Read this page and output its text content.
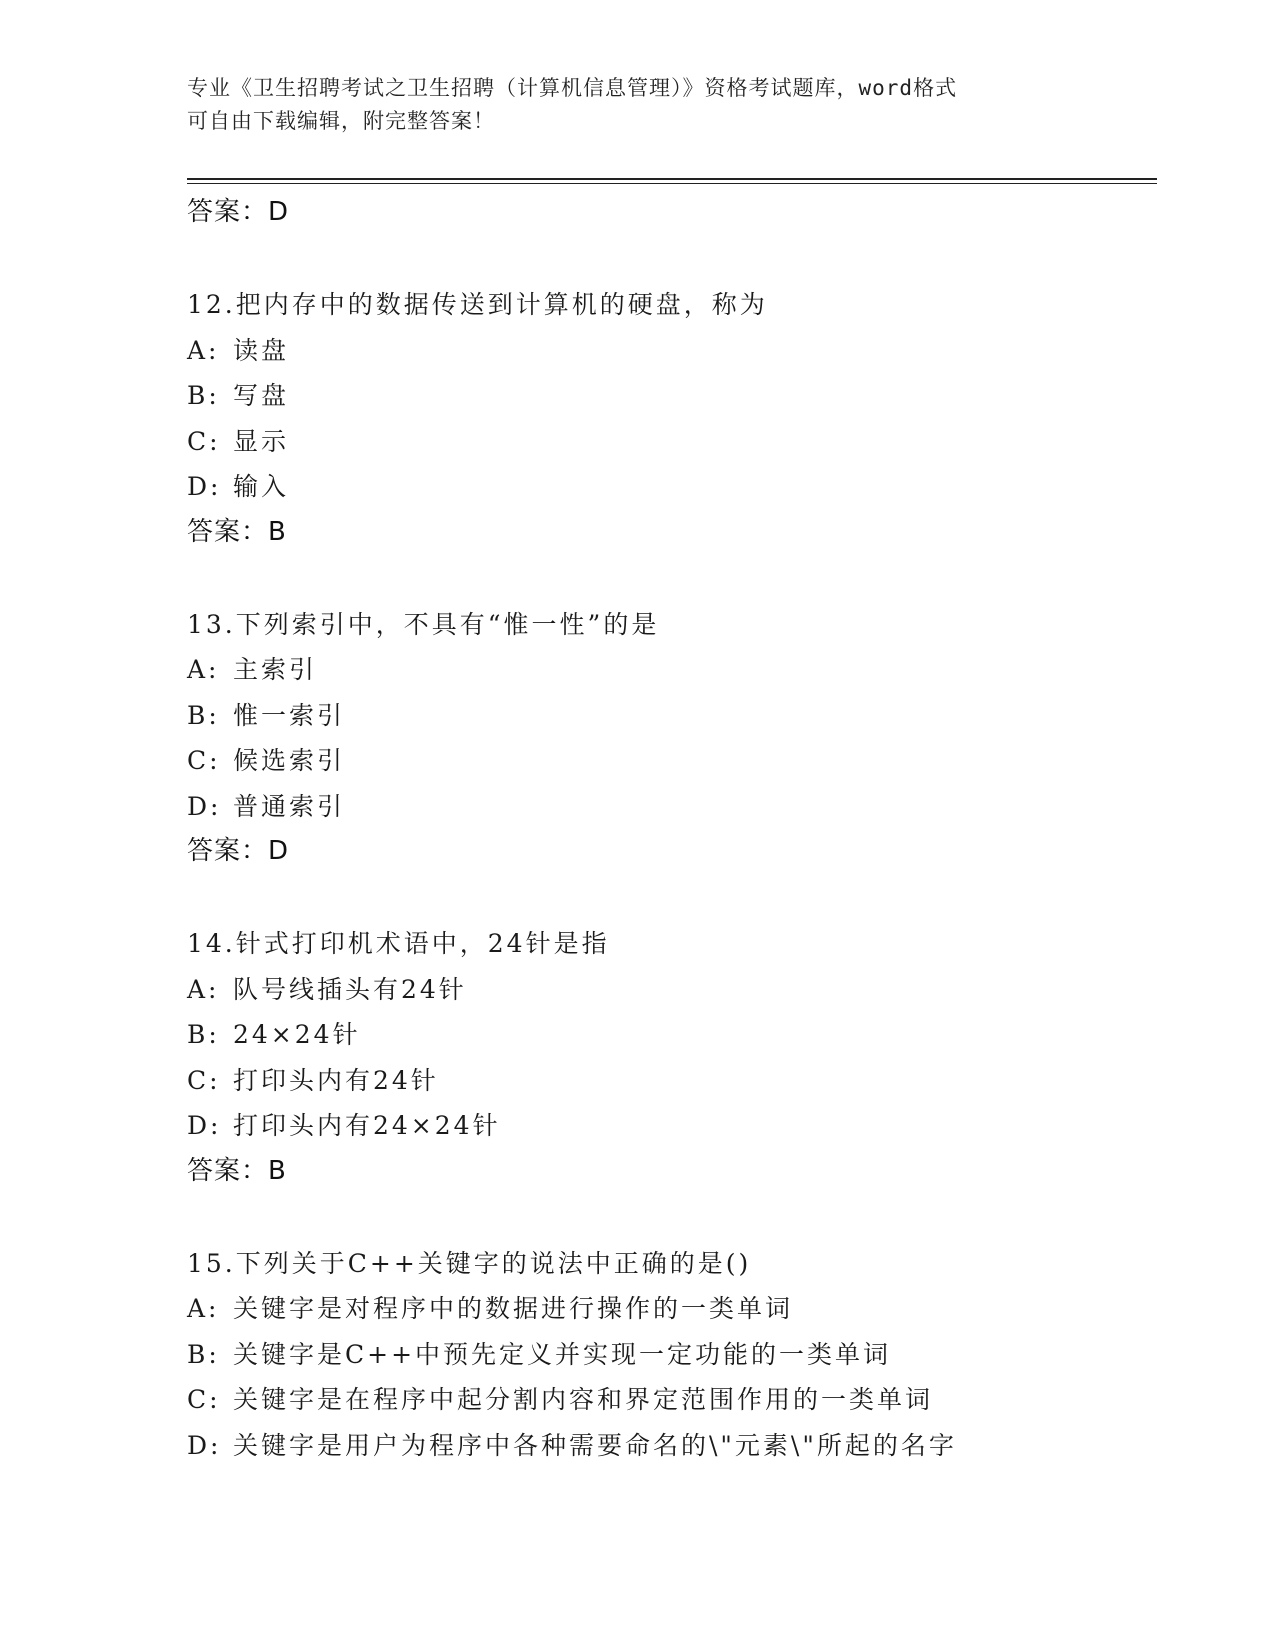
专业《卫生招聘考试之卫生招聘（计算机信息管理）》资格考试题库，word格式
可自由下载编辑，附完整答案！
答案：D
12.把内存中的数据传送到计算机的硬盘，称为
A: 读盘
B: 写盘
C: 显示
D: 输入
答案：B
13.下列索引中，不具有“惟一性”的是
A: 主索引
B: 惟一索引
C: 候选索引
D: 普通索引
答案：D
14.针式打印机术语中，24针是指
A: 队号线插头有24针
B: 24×24针
C: 打印头内有24针
D: 打印头内有24×24针
答案：B
15.下列关于C++关键字的说法中正确的是()
A: 关键字是对程序中的数据进行操作的一类单词
B: 关键字是C++中预先定义并实现一定功能的一类单词
C: 关键字是在程序中起分割内容和界定范围作用的一类单词
D: 关键字是用户为程序中各种需要命名的\"元素\"所起的名字
